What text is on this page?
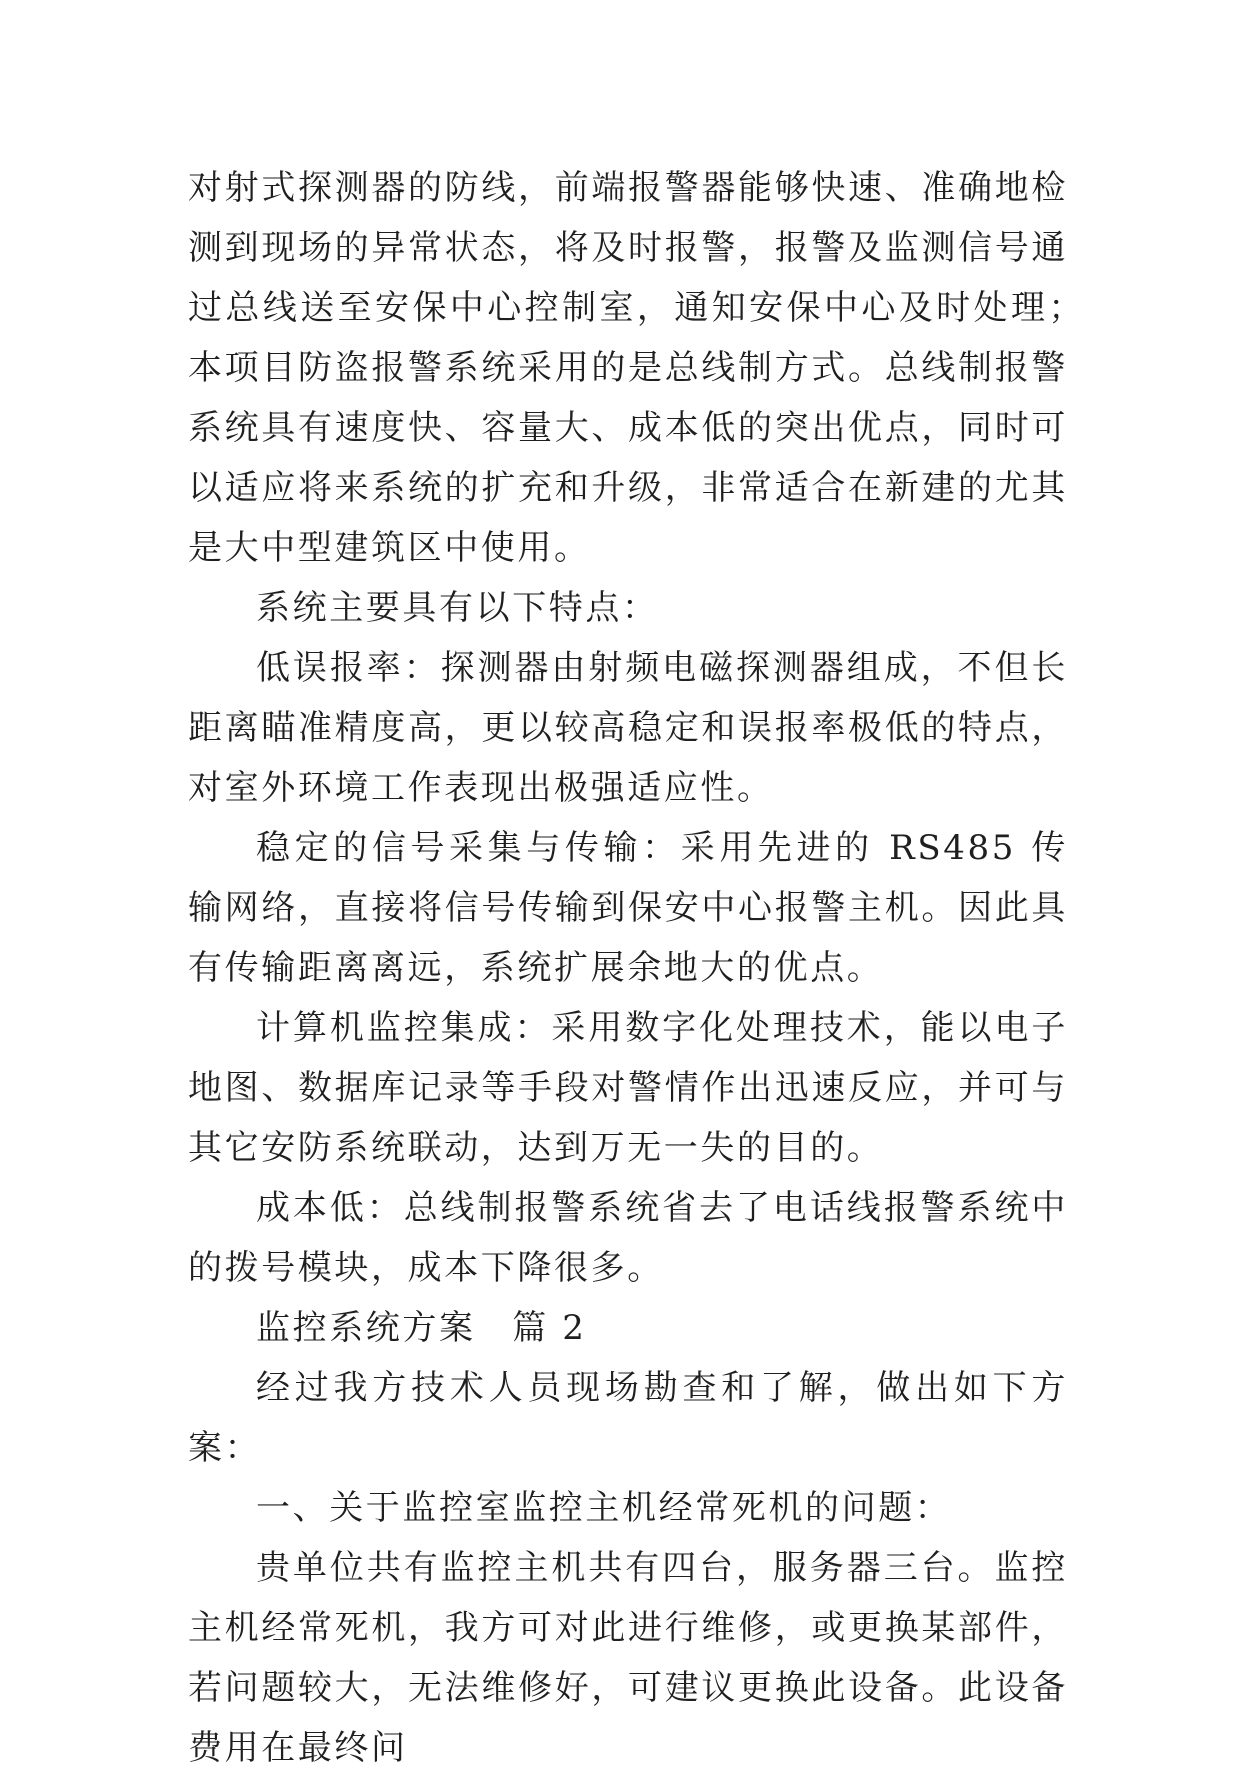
对射式探测器的防线，前端报警器能够快速、准确地检测到现场的异常状态，将及时报警，报警及监测信号通过总线送至安保中心控制室，通知安保中心及时处理；　本项目防盗报警系统采用的是总线制方式。总线制报警系统具有速度快、容量大、成本低的突出优点，同时可以适应将来系统的扩充和升级，非常适合在新建的尤其是大中型建筑区中使用。

系统主要具有以下特点：

低误报率：探测器由射频电磁探测器组成，不但长距离瞄准精度高，更以较高稳定和误报率极低的特点，对室外环境工作表现出极强适应性。

稳定的信号采集与传输：采用先进的 RS485 传输网络，直接将信号传输到保安中心报警主机。因此具有传输距离离远，系统扩展余地大的优点。

计算机监控集成：采用数字化处理技术，能以电子地图、数据库记录等手段对警情作出迅速反应，并可与其它安防系统联动，达到万无一失的目的。

成本低：总线制报警系统省去了电话线报警系统中的拨号模块，成本下降很多。

监控系统方案　篇 2

经过我方技术人员现场勘查和了解，做出如下方案：

一、关于监控室监控主机经常死机的问题：

贵单位共有监控主机共有四台，服务器三台。监控主机经常死机，我方可对此进行维修，或更换某部件，若问题较大，无法维修好，可建议更换此设备。此设备费用在最终问
